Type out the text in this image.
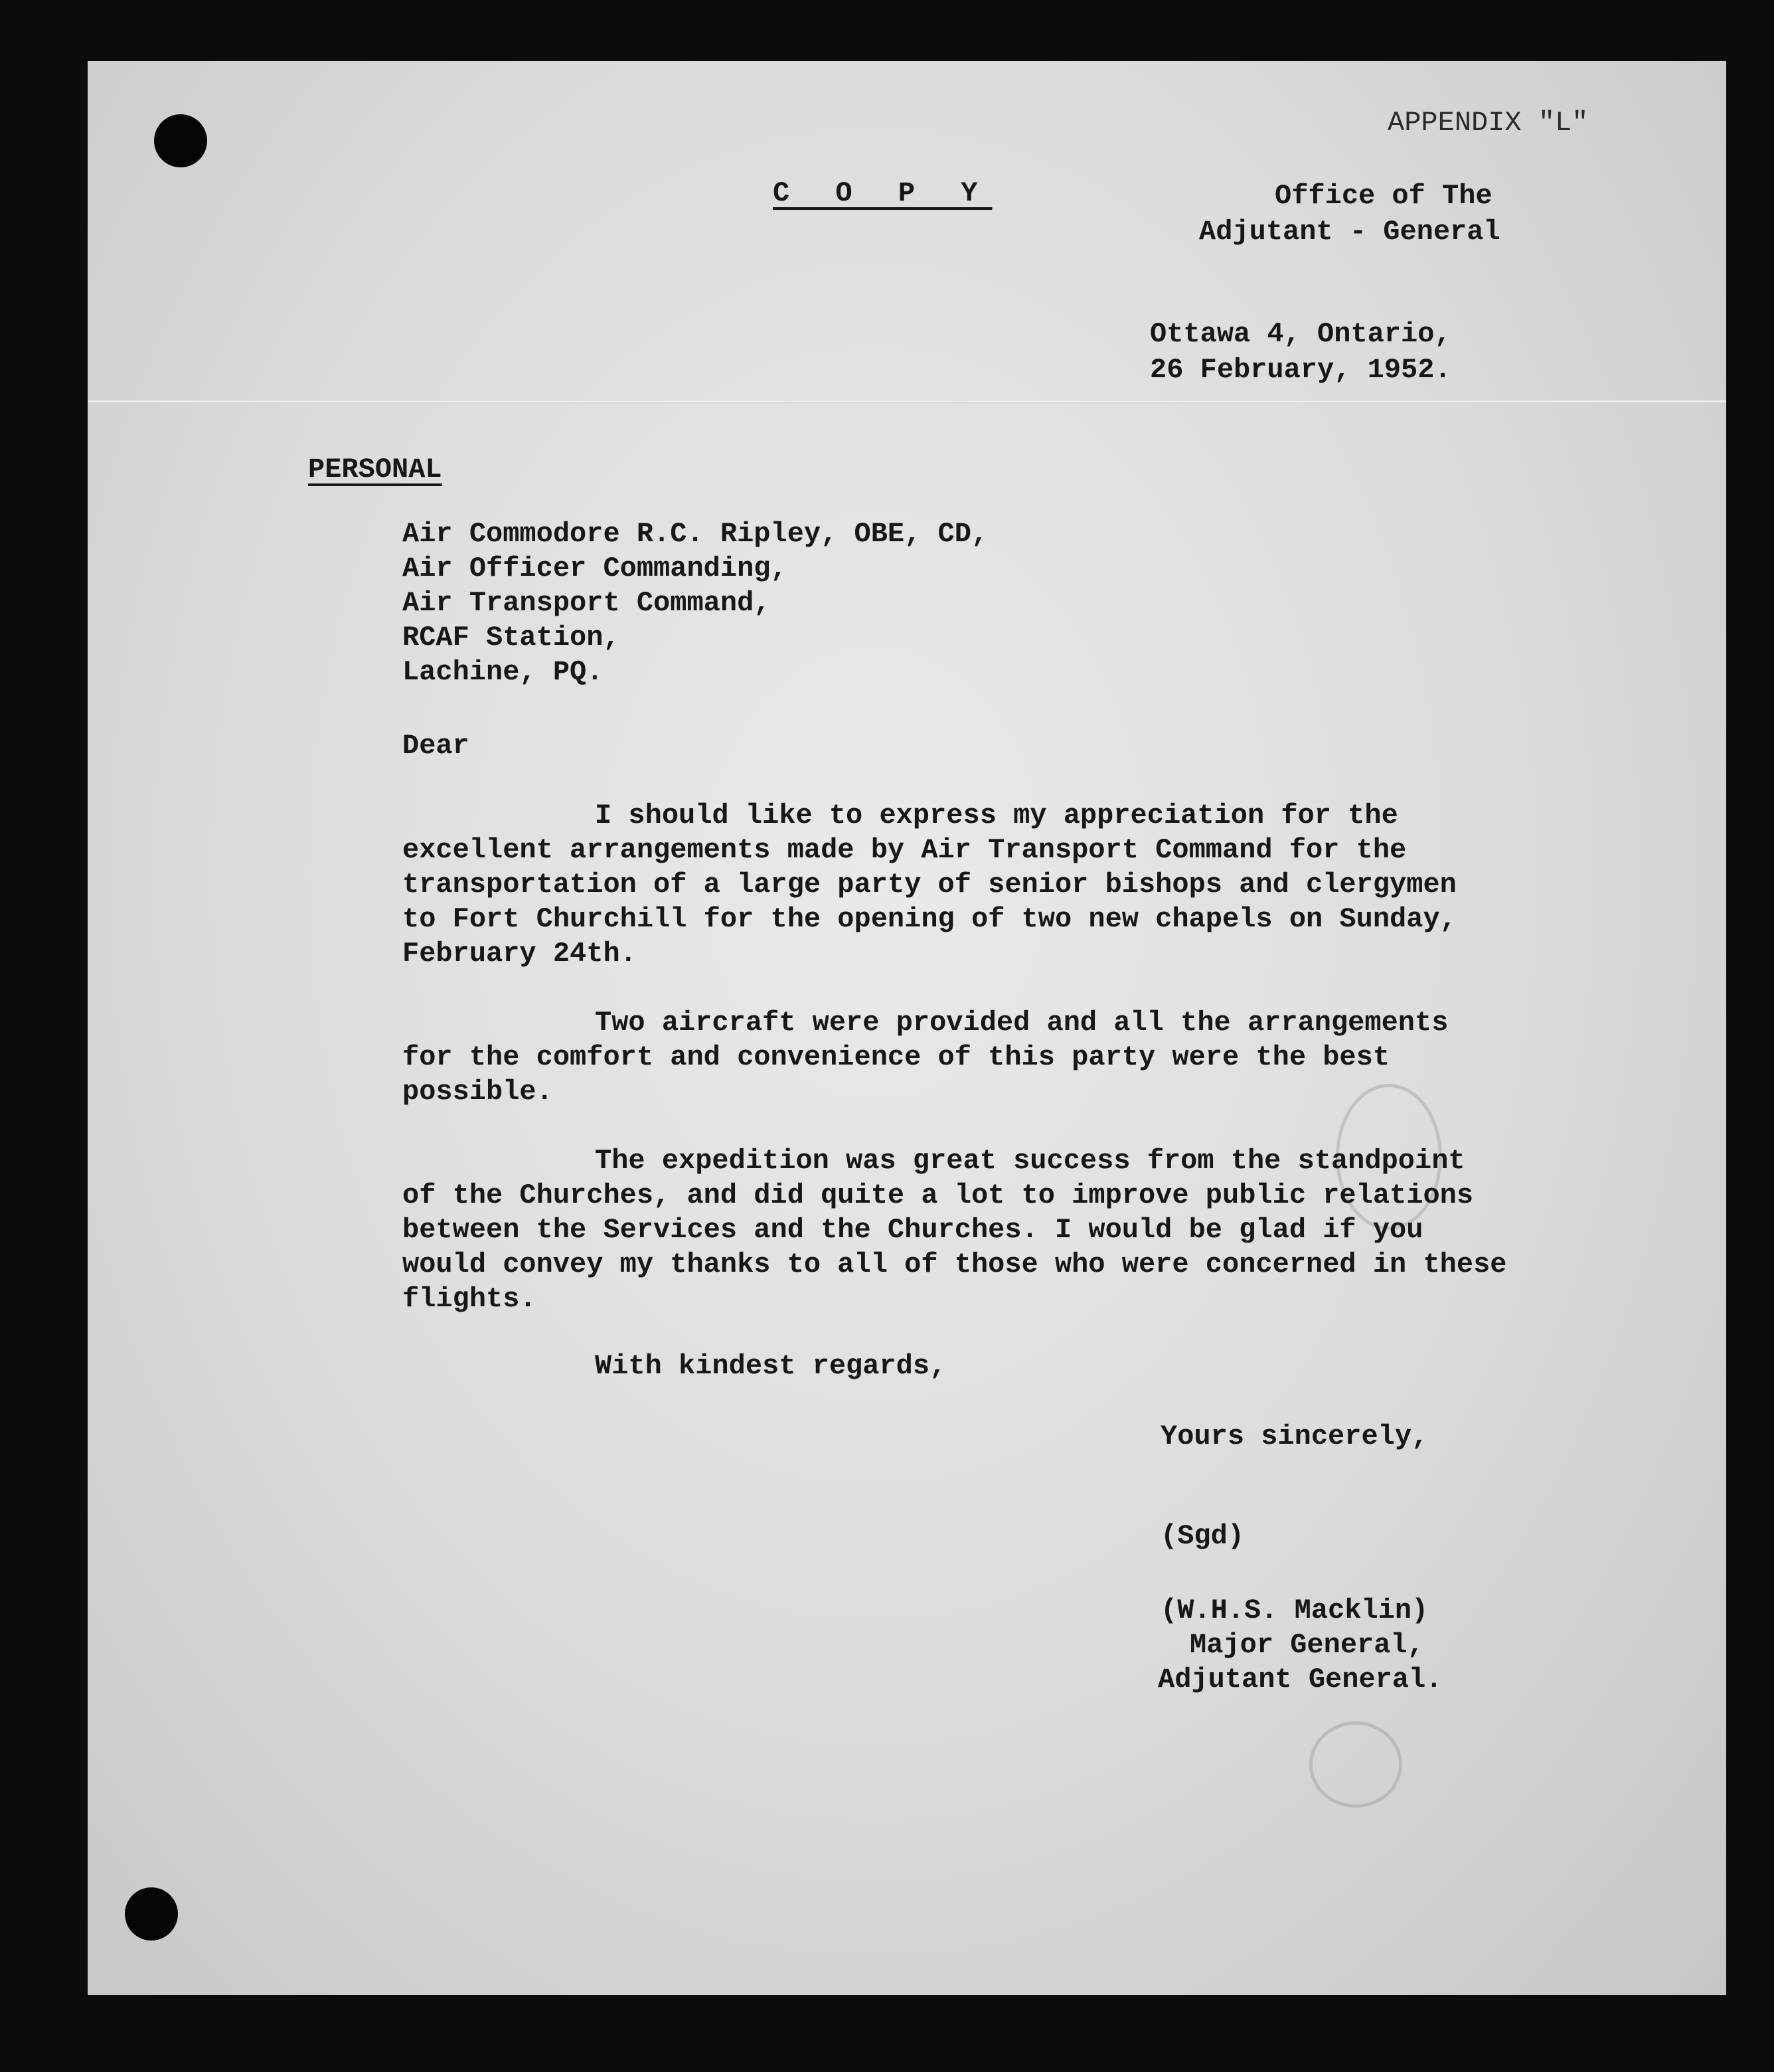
APPENDIX "L"
C O P Y	Office of The
Adjutant - General
Ottawa 4, Ontario,
26 February, 1952.
PERSONAL
Air Commodore R.C. Ripley, OBE, CD,
Air Officer Commanding,
Air Transport Command,
RCAF Station,
Lachine, PQ.
Dear
I should like to express my appreciation for the
excellent arrangements made by Air Transport Command for the
transportation of a large party of senior bishops and clergymen
to Fort Churchill for the opening of two new chapels on Sunday,
February 24th.
Two aircraft were provided and all the arrangements
for the comfort and convenience of this party were the best
possible.
The expedition was great success from the standpoint
of the Churches, and did quite a lot to improve public relations
between the Services and the Churches. I would be glad if you
would convey my thanks to all of those who were concerned in these
flights.
With kindest regards,
Yours sincerely,
(Sgd)
(W.H.S. Macklin)
Major General,
Adjutant General.
